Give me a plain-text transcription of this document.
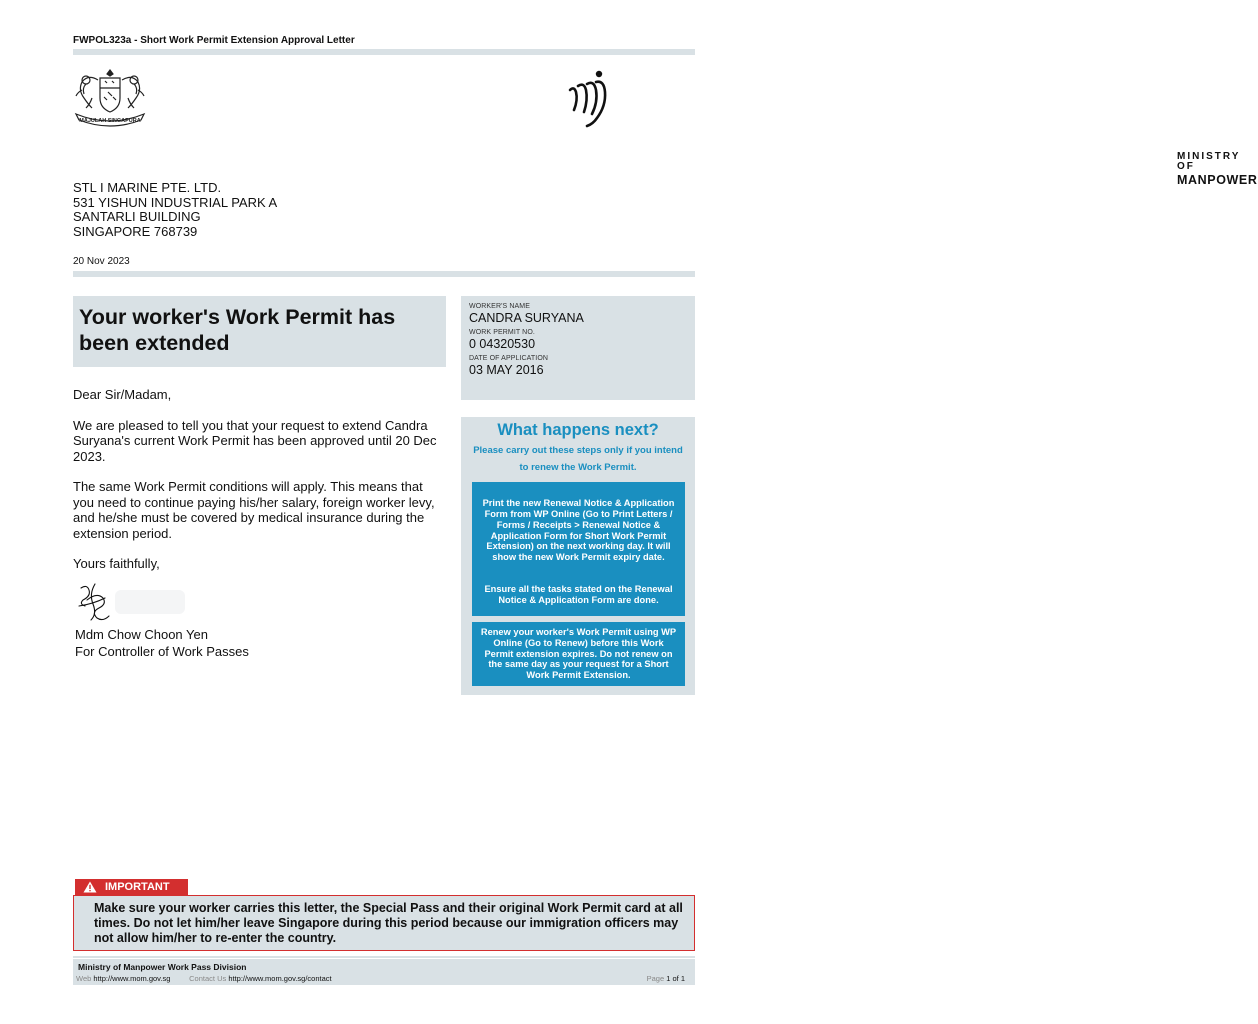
FWPOL323a - Short Work Permit Extension Approval Letter
MAJULAH SINGAPURA
MINISTRY OF
MANPOWER
STL I MARINE PTE. LTD.
531 YISHUN INDUSTRIAL PARK A
SANTARLI BUILDING
SINGAPORE 768739
20 Nov 2023
Your worker's Work Permit has been extended
WORKER'S NAME
CANDRA SURYANA
WORK PERMIT NO.
0 04320530
DATE OF APPLICATION
03 MAY 2016

Dear Sir/Madam,

We are pleased to tell you that your request to extend Candra Suryana's current Work Permit has been approved until 20 Dec 2023.

The same Work Permit conditions will apply. This means that you need to continue paying his/her salary, foreign worker levy, and he/she must be covered by medical insurance during the extension period.

Yours faithfully,

Mdm Chow Choon Yen
For Controller of Work Passes
What happens next?
Please carry out these steps only if you intend to renew the Work Permit.
Print the new Renewal Notice & Application Form from WP Online (Go to Print Letters / Forms / Receipts > Renewal Notice & Application Form for Short Work Permit Extension) on the next working day. It will show the new Work Permit expiry date.
Ensure all the tasks stated on the Renewal Notice & Application Form are done.
Renew your worker's Work Permit using WP Online (Go to Renew) before this Work Permit extension expires. Do not renew on the same day as your request for a Short Work Permit Extension.
IMPORTANT
Make sure your worker carries this letter, the Special Pass and their original Work Permit card at all times. Do not let him/her leave Singapore during this period because our immigration officers may not allow him/her to re-enter the country.
Ministry of Manpower Work Pass Division
Web http://www.mom.gov.sg	Contact Us http://www.mom.gov.sg/contact	Page 1 of 1
